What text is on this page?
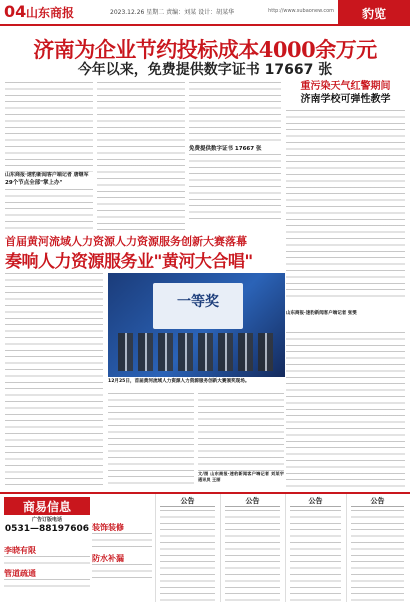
04 山东商报	2023.12.26 星期二 责编：刘某 设计：胡某华	http://www.subaonew.com	豹览
济南为企业节约投标成本4000余万元
今年以来，免费提供数字证书 17667 张
山东商报·速豹新闻客户端记者 唐继军
29个节点全部"掌上办"
免费提供数字证书 17667 张
重污染天气红警期间
济南学校可弹性教学
山东商报·速豹新闻客户端记者 张雯
首届黄河流域人力资源人力资源服务创新大赛落幕
奏响人力资源服务业"黄河大合唱"
一等奖
12月25日，首届黄河流域人力资源人力资源服务创新大赛颁奖现场。
文/图 山东商报·速豹新闻客户端记者 刘某宇 通讯员 王丽
商易信息
广告订版电话
0531—88197606
李晓有限
管道疏通
装饰装修
防水补漏
公告	公告	公告	公告
